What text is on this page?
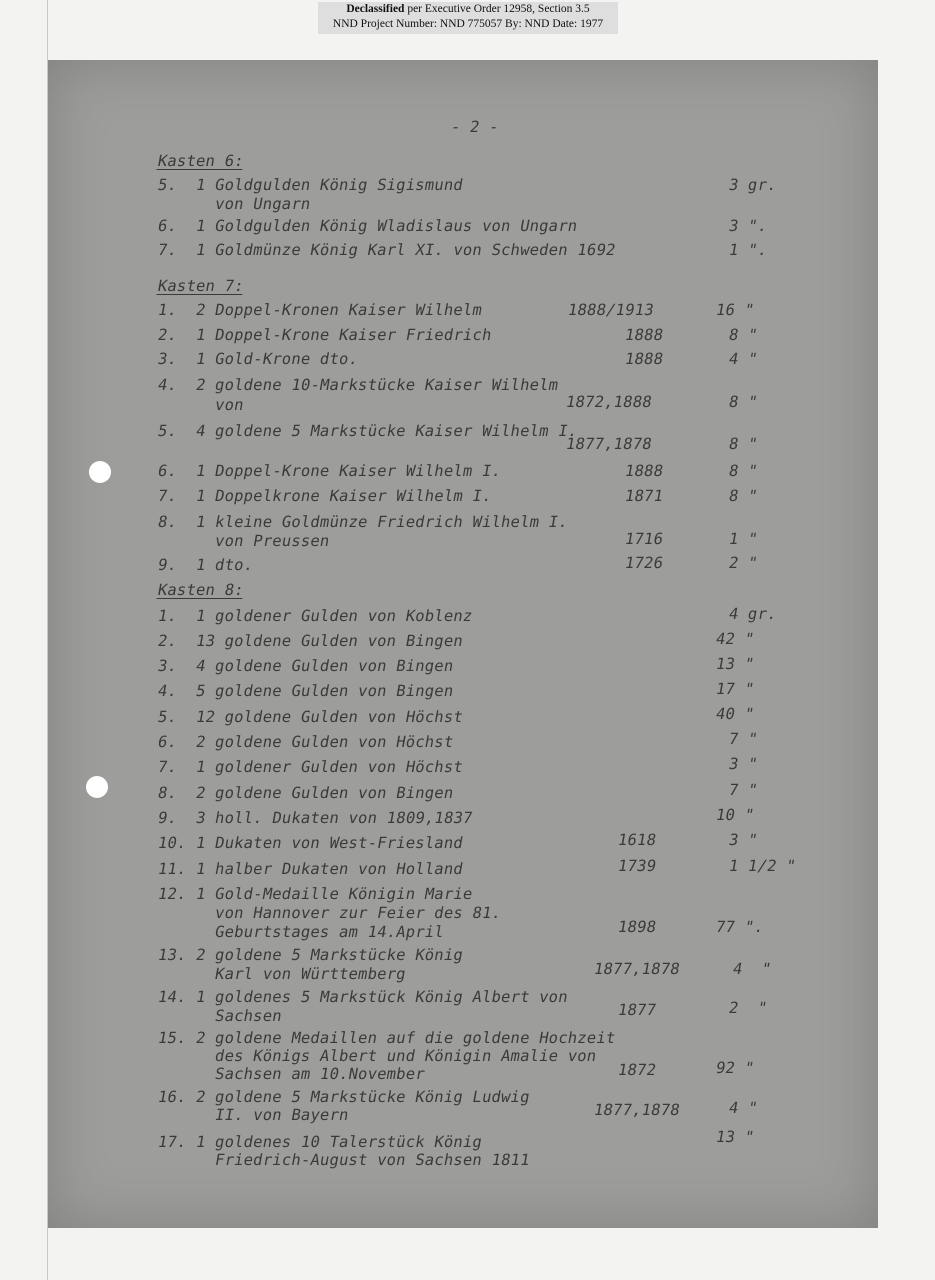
Declassified per Executive Order 12958, Section 3.5
NND Project Number: NND 775057 By: NND Date: 1977
- 2 -
Kasten 6:
5.  1 Goldgulden König Sigismund
von Ungarn
3 gr.
6.  1 Goldgulden König Wladislaus von Ungarn	3 ".
7.  1 Goldmünze König Karl XI. von Schweden 1692	1 ".
Kasten 7:
1.  2 Doppel-Kronen Kaiser Wilhelm	1888/1913	16 "
2.  1 Doppel-Krone Kaiser Friedrich	1888	8 "
3.  1 Gold-Krone dto.	1888	4 "
4.  2 goldene 10-Markstücke Kaiser Wilhelm
von	1872,1888	8 "
5.  4 goldene 5 Markstücke Kaiser Wilhelm I.
1877,1878	8 "
6.  1 Doppel-Krone Kaiser Wilhelm I.	1888	8 "
7.  1 Doppelkrone Kaiser Wilhelm I.	1871	8 "
8.  1 kleine Goldmünze Friedrich Wilhelm I.
von Preussen	1716	1 "
9.  1 dto.	1726	2 "
Kasten 8:
1.  1 goldener Gulden von Koblenz	4 gr.
2.  13 goldene Gulden von Bingen	42 "
3.  4 goldene Gulden von Bingen	13 "
4.  5 goldene Gulden von Bingen	17 "
5.  12 goldene Gulden von Höchst	40 "
6.  2 goldene Gulden von Höchst	7 "
7.  1 goldener Gulden von Höchst	3 "
8.  2 goldene Gulden von Bingen	7 "
9.  3 holl. Dukaten von 1809,1837	10 "
10. 1 Dukaten von West-Friesland	1618	3 "
11. 1 halber Dukaten von Holland	1739	1 1/2 "
12. 1 Gold-Medaille Königin Marie
von Hannover zur Feier des 81.
Geburtstages am 14.April	1898	77 ".
13. 2 goldene 5 Markstücke König
Karl von Württemberg	1877,1878	4  "
14. 1 goldenes 5 Markstück König Albert von
Sachsen	1877	2  "
15. 2 goldene Medaillen auf die goldene Hochzeit
des Königs Albert und Königin Amalie von
Sachsen am 10.November	1872	92 "
16. 2 goldene 5 Markstücke König Ludwig
II. von Bayern	1877,1878	4 "
17. 1 goldenes 10 Talerstück König
Friedrich-August von Sachsen 1811
13 "
